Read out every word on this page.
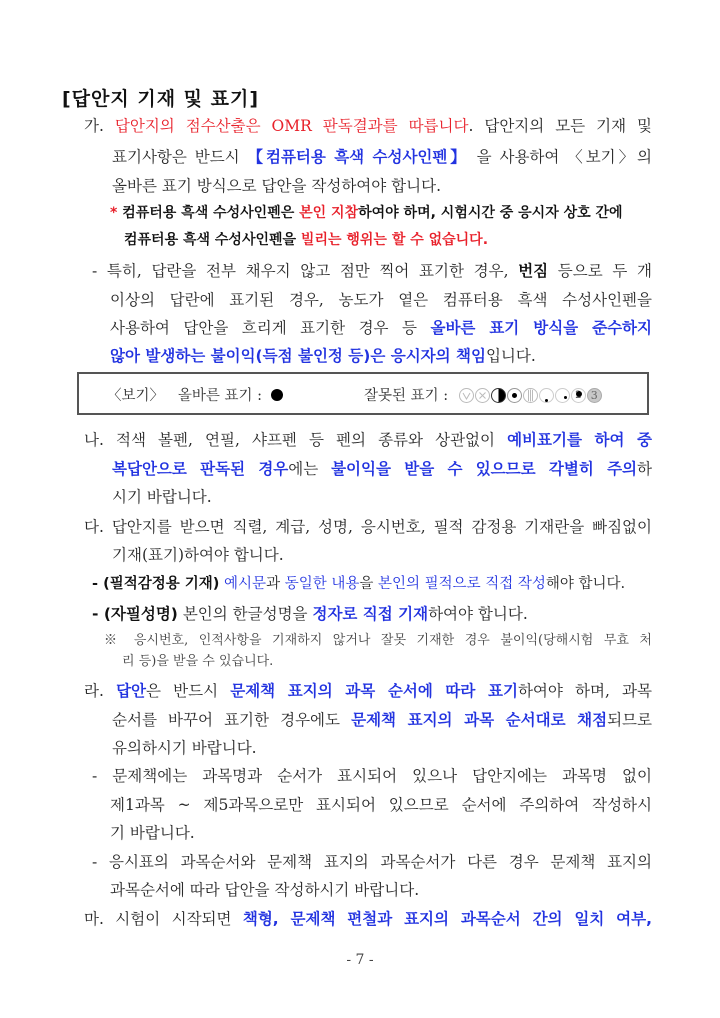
[답안지 기재 및 표기]
가. 답안지의 점수산출은 OMR 판독결과를 따릅니다. 답안지의 모든 기재 및
표기사항은 반드시 【컴퓨터용 흑색 수성사인펜】 을 사용하여 〈보기〉의
올바른 표기 방식으로 답안을 작성하여야 합니다.
* 컴퓨터용 흑색 수성사인펜은 본인 지참하여야 하며, 시험시간 중 응시자 상호 간에
컴퓨터용 흑색 수성사인펜을 빌리는 행위는 할 수 없습니다.
- 특히, 답란을 전부 채우지 않고 점만 찍어 표기한 경우, 번짐 등으로 두 개
이상의 답란에 표기된 경우, 농도가 옅은 컴퓨터용 흑색 수성사인펜을
사용하여 답안을 흐리게 표기한 경우 등 올바른 표기 방식을 준수하지
않아 발생하는 불이익(득점 불인정 등)은 응시자의 책임입니다.
〈보기〉 올바른 표기 :	잘못된 표기 :	3
나. 적색 볼펜, 연필, 샤프펜 등 펜의 종류와 상관없이 예비표기를 하여 중
복답안으로 판독된 경우에는 불이익을 받을 수 있으므로 각별히 주의하
시기 바랍니다.
다. 답안지를 받으면 직렬, 계급, 성명, 응시번호, 필적 감정용 기재란을 빠짐없이
기재(표기)하여야 합니다.
- (필적감정용 기재) 예시문과 동일한 내용을 본인의 필적으로 직접 작성해야 합니다.
- (자필성명) 본인의 한글성명을 정자로 직접 기재하여야 합니다.
※ 응시번호, 인적사항을 기재하지 않거나 잘못 기재한 경우 불이익(당해시험 무효 처
리 등)을 받을 수 있습니다.
라. 답안은 반드시 문제책 표지의 과목 순서에 따라 표기하여야 하며, 과목
순서를 바꾸어 표기한 경우에도 문제책 표지의 과목 순서대로 채점되므로
유의하시기 바랍니다.
- 문제책에는 과목명과 순서가 표시되어 있으나 답안지에는 과목명 없이
제1과목 ~ 제5과목으로만 표시되어 있으므로 순서에 주의하여 작성하시
기 바랍니다.
- 응시표의 과목순서와 문제책 표지의 과목순서가 다른 경우 문제책 표지의
과목순서에 따라 답안을 작성하시기 바랍니다.
마. 시험이 시작되면 책형, 문제책 편철과 표지의 과목순서 간의 일치 여부,
- 7 -
